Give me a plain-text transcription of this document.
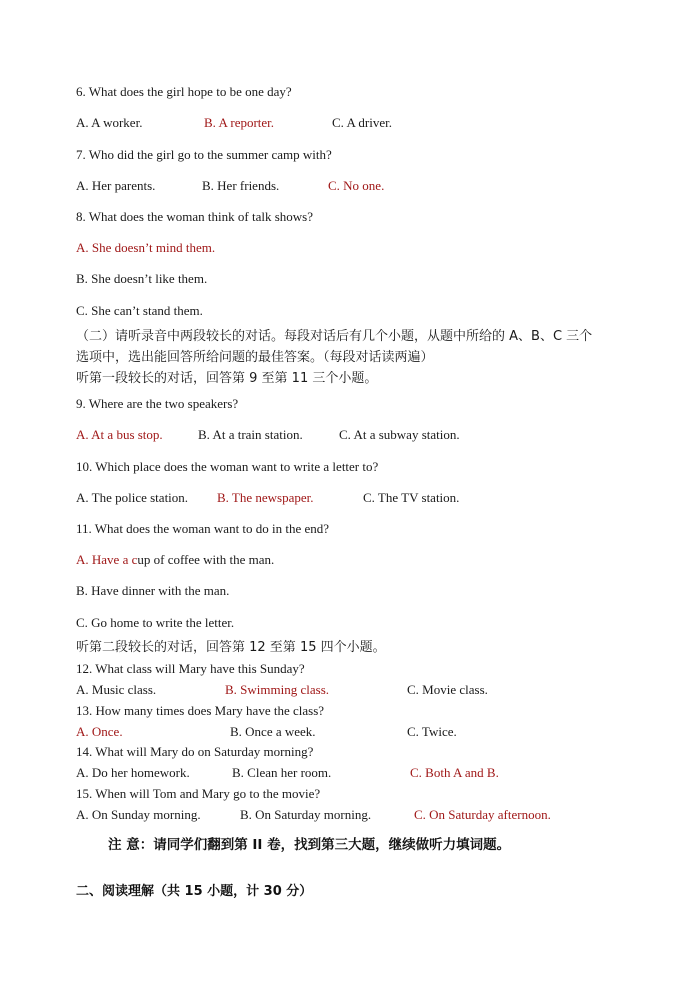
6. What does the girl hope to be one day?
A. A worker.	B. A reporter.	C. A driver.
7. Who did the girl go to the summer camp with?
A. Her parents.	B. Her friends.	C. No one.
8. What does the woman think of talk shows?
A. She doesn’t mind them.
B. She doesn’t like them.
C. She can’t stand them.
（二）请听录音中两段较长的对话。每段对话后有几个小题，从题中所给的 A、B、C 三个
选项中，选出能回答所给问题的最佳答案。（每段对话读两遍）
听第一段较长的对话，回答第 9 至第 11 三个小题。
9. Where are the two speakers?
A. At a bus stop.	B. At a train station.	C. At a subway station.
10. Which place does the woman want to write a letter to?
A. The police station. B. The newspaper.	C. The TV station.
11. What does the woman want to do in the end?
A. Have a cup of coffee with the man.
B. Have dinner with the man.
C. Go home to write the letter.
听第二段较长的对话，回答第 12 至第 15 四个小题。
12. What class will Mary have this Sunday?
A. Music class.	B. Swimming class.	C. Movie class.
13. How many times does Mary have the class?
A. Once.	B. Once a week.	C. Twice.
14. What will Mary do on Saturday morning?
A. Do her homework.	B. Clean her room.	C. Both A and B.
15. When will Tom and Mary go to the movie?
A. On Sunday morning.	B. On Saturday morning.	C. On Saturday afternoon.
注 意：请同学们翻到第 II 卷，找到第三大题，继续做听力填词题。
二、阅读理解（共 15 小题，计 30 分）
